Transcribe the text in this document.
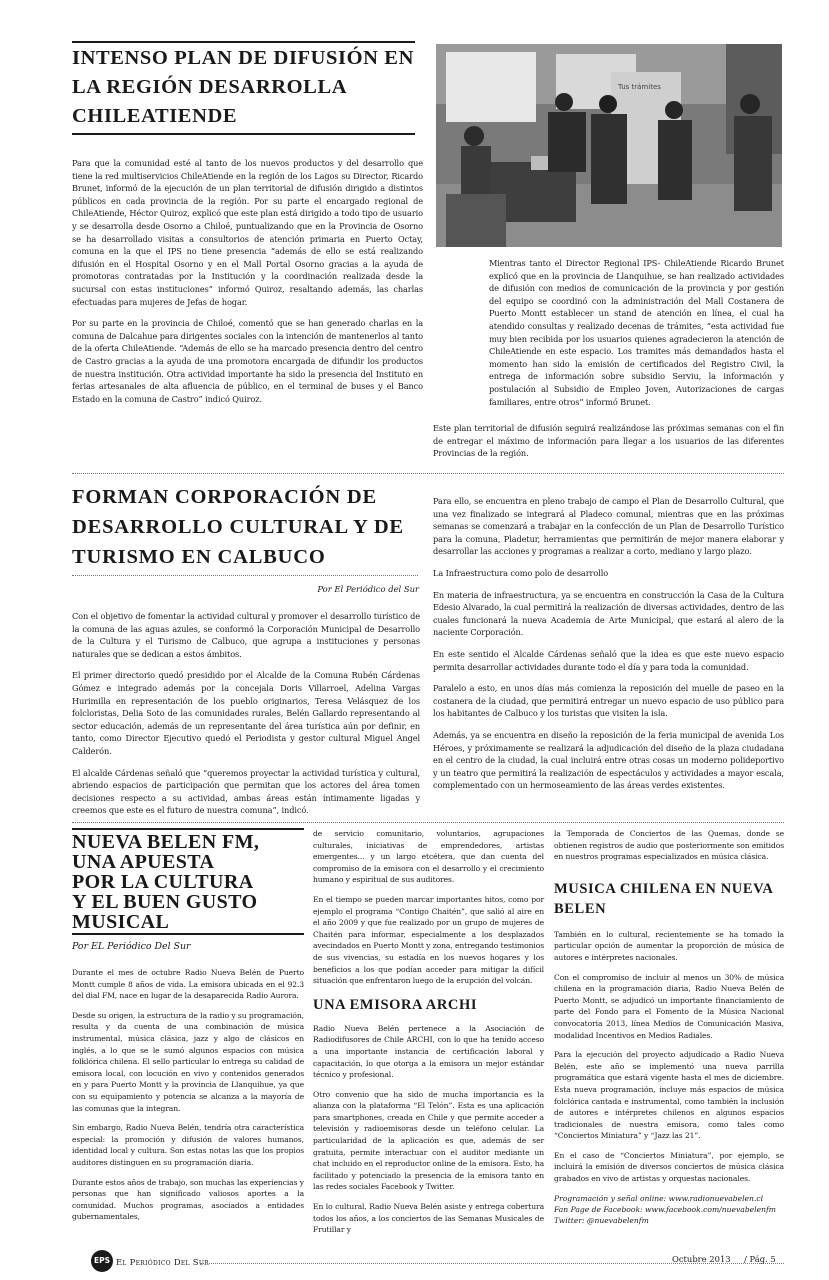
INTENSO PLAN DE DIFUSIÓN EN
LA REGIÓN DESARROLLA
CHILEATIENDE

Para que la comunidad esté al tanto de los nuevos productos y del desarrollo que tiene la red multiservicios ChileAtiende en la región de los Lagos su Director, Ricardo Brunet, informó de la ejecución de un plan territorial de difusión dirigido a distintos públicos en cada provincia de la región. Por su parte el encargado regional de ChileAtiende, Héctor Quiroz, explicó que este plan está dirigido a todo tipo de usuario y se desarrolla desde Osorno a Chiloé, puntualizando que en la Provincia de Osorno se ha desarrollado visitas a consultorios de atención primaria en Puerto Octay, comuna en la que el IPS no tiene presencia “además de ello se está realizando difusión en el Hospital Osorno y en el Mall Portal Osorno gracias a la ayuda de promotoras contratadas por la Institución y la coordinación realizada desde la sucursal con estas instituciones” informó Quiroz, resaltando además, las charlas efectuadas para mujeres de Jefas de hogar.

Por su parte en la provincia de Chiloé, comentó que se han generado charlas en la comuna de Dalcahue para dirigentes sociales con la intención de mantenerlos al tanto de la oferta ChileAtiende. “Además de ello se ha marcado presencia dentro del centro de Castro gracias a la ayuda de una promotora encargada de difundir los productos de nuestra institución. Otra actividad importante ha sido la presencia del Instituto en ferias artesanales de alta afluencia de público, en el terminal de buses y el Banco Estado en la comuna de Castro” indicó Quiroz.

Tus trámites

Mientras tanto el Director Regional IPS- ChileAtiende Ricardo Brunet explicó que en la provincia de Llanquihue, se han realizado actividades de difusión con medios de comunicación de la provincia y por gestión del equipo se coordinó con la administración del Mall Costanera de Puerto Montt establecer un stand de atención en línea, el cual ha atendido consultas y realizado decenas de trámites, “esta actividad fue muy bien recibida por los usuarios quienes agradecieron la atención de ChileAtiende en este espacio. Los tramites más demandados hasta el momento han sido la emisión de certificados del Registro Civil, la entrega de información sobre subsidio Serviu, la información y postulación al Subsidio de Empleo Joven, Autorizaciones de cargas familiares, entre otros” informó Brunet.

Este plan territorial de difusión seguirá realizándose las próximas semanas con el fin de entregar el máximo de información para llegar a los usuarios de las diferentes Provincias de la región.

FORMAN CORPORACIÓN DE
DESARROLLO CULTURAL Y DE
TURISMO EN CALBUCO
Por El Periódico del Sur

Con el objetivo de fomentar la actividad cultural y promover el desarrollo turístico de la comuna de las aguas azules, se conformó la Corporación Municipal de Desarrollo de la Cultura y el Turismo de Calbuco, que agrupa a instituciones y personas naturales que se dedican a estos ámbitos.

El primer directorio quedó presidido por el Alcalde de la Comuna Rubén Cárdenas Gómez e integrado además por la concejala Doris Villarroel, Adelina Vargas Hurimilla en representación de los pueblo originarios, Teresa Velásquez de los folcloristas, Delia Soto de las comunidades rurales, Belén Gallardo representando al sector educación, además de un representante del área turística aún por definir, en tanto, como Director Ejecutivo quedó el Periodista y gestor cultural Miguel Angel Calderón.

El alcalde Cárdenas señaló que “queremos proyectar la actividad turística y cultural, abriendo espacios de participación que permitan que los actores del área tomen decisiones respecto a su actividad, ambas áreas están íntimamente ligadas y creemos que este es el futuro de nuestra comuna”, indicó.

Para ello, se encuentra en pleno trabajo de campo el Plan de Desarrollo Cultural, que una vez finalizado se integrará al Pladeco comunal, mientras que en las próximas semanas se comenzará a trabajar en la confección de un Plan de Desarrollo Turístico para la comuna, Pladetur, herramientas que permitirán de mejor manera elaborar y desarrollar las acciones y programas a realizar a corto, mediano y largo plazo.

La Infraestructura como polo de desarrollo

En materia de infraestructura, ya se encuentra en construcción la Casa de la Cultura Edesio Alvarado, la cual permitirá la realización de diversas actividades, dentro de las cuales funcionará la nueva Academia de Arte Municipal, que estará al alero de la naciente Corporación.

En este sentido el Alcalde Cárdenas señaló que la idea es que este nuevo espacio permita desarrollar actividades durante todo el día y para toda la comunidad.

Paralelo a esto, en unos días más comienza la reposición del muelle de paseo en la costanera de la ciudad, que permitirá entregar un nuevo espacio de uso público para los habitantes de Calbuco y los turistas que visiten la isla.

Además, ya se encuentra en diseño la reposición de la feria municipal de avenida Los Héroes, y próximamente se realizará la adjudicación del diseño de la plaza ciudadana en el centro de la ciudad, la cual incluirá entre otras cosas un moderno polideportivo y un teatro que permitirá la realización de espectáculos y actividades a mayor escala, complementado con un hermoseamiento de las áreas verdes existentes.

NUEVA BELEN FM,
UNA APUESTA
POR LA CULTURA
Y EL BUEN GUSTO
MUSICAL
Por EL Periódico Del Sur

Durante el mes de octubre Radio Nueva Belén de Puerto Montt cumple 8 años de vida. La emisora ubicada en el 92.3 del dial FM, nace en lugar de la desaparecida Radio Aurora.

Desde su origen, la estructura de la radio y su programación, resulta y da cuenta de una combinación de música instrumental, música clásica, jazz y algo de clásicos en inglés, a lo que se le sumó algunos espacios con música folklórica chilena. El sello particular lo entrega su calidad de emisora local, con locución en vivo y contenidos generados en y para Puerto Montt y la provincia de Llanquihue, ya que con su equipamiento y potencia se alcanza a la mayoría de las comunas que la integran.

Sin embargo, Radio Nueva Belén, tendría otra característica especial: la promoción y difusión de valores humanos, identidad local y cultura. Son estas notas las que los propios auditores distinguen en su programación diaria.

Durante estos años de trabajo, son muchas las experiencias y personas que han significado valiosos aportes a la comunidad. Muchos programas, asociados a entidades gubernamentales,

de servicio comunitario, voluntarios, agrupaciones culturales, iniciativas de emprendedores, artistas emergentes... y un largo etcétera, que dan cuenta del compromiso de la emisora con el desarrollo y el crecimiento humano y espiritual de sus auditores.

En el tiempo se pueden marcar importantes hitos, como por ejemplo el programa “Contigo Chaitén”, que salió al aire en el año 2009 y que fue realizado por un grupo de mujeres de Chaitén para informar, especialmente a los desplazados avecindados en Puerto Montt y zona, entregando testimonios de sus vivencias, su estadía en los nuevos hogares y los beneficios a los que podían acceder para mitigar la difícil situación que enfrentaron luego de la erupción del volcán.

UNA EMISORA ARCHI

Radio Nueva Belén pertenece a la Asociación de Radiodifusores de Chile ARCHI, con lo que ha tenido acceso a una importante instancia de certificación laboral y capacitación, lo que otorga a la emisora un mejor estándar técnico y profesional.

Otro convenio que ha sido de mucha importancia es la alianza con la plataforma “El Telón”. Esta es una aplicación para smartphones, creada en Chile y que permite acceder a televisión y radioemisoras desde un teléfono celular. La particularidad de la aplicación es que, además de ser gratuita, permite interactuar con el auditor mediante un chat incluido en el reproductor online de la emisora. Esto, ha facilitado y potenciado la presencia de la emisora tanto en las redes sociales Facebook y Twitter.

En lo cultural, Radio Nueva Belén asiste y entrega cobertura todos los años, a los conciertos de las Semanas Musicales de Frutillar y

la Temporada de Conciertos de las Quemas, donde se obtienen registros de audio que posteriormente son emitidos en nuestros programas especializados en música clásica.

MUSICA CHILENA EN NUEVA
BELEN

También en lo cultural, recientemente se ha tomado la particular opción de aumentar la proporción de música de autores e intérpretes nacionales.

Con el compromiso de incluir al menos un 30% de música chilena en la programación diaria, Radio Nueva Belén de Puerto Montt, se adjudicó un importante financiamiento de parte del Fondo para el Fomento de la Música Nacional convocatoria 2013, línea Medios de Comunicación Masiva, modalidad Incentivos en Medios Radiales.

Para la ejecución del proyecto adjudicado a Radio Nueva Belén, este año se implementó una nueva parrilla programática que estará vigente hasta el mes de diciembre. Esta nueva programación, incluye más espacios de música folclórica cantada e instrumental, como también la inclusión de autores e intérpretes chilenos en algunos espacios tradicionales de nuestra emisora, como tales como “Conciertos Miniatura” y “Jazz las 21”.

En el caso de “Conciertos Miniatura”, por ejemplo, se incluirá la emisión de diversos conciertos de música clásica grabados en vivo de artistas y orquestas nacionales.

Programación y señal online: www.radionuevabelen.cl

Fan Page de Facebook: www.facebook.com/nuevabelenfm

Twitter: @nuevabelenfm

EPS El Periódico Del Sur	Octubre 2013 / Pág. 5
